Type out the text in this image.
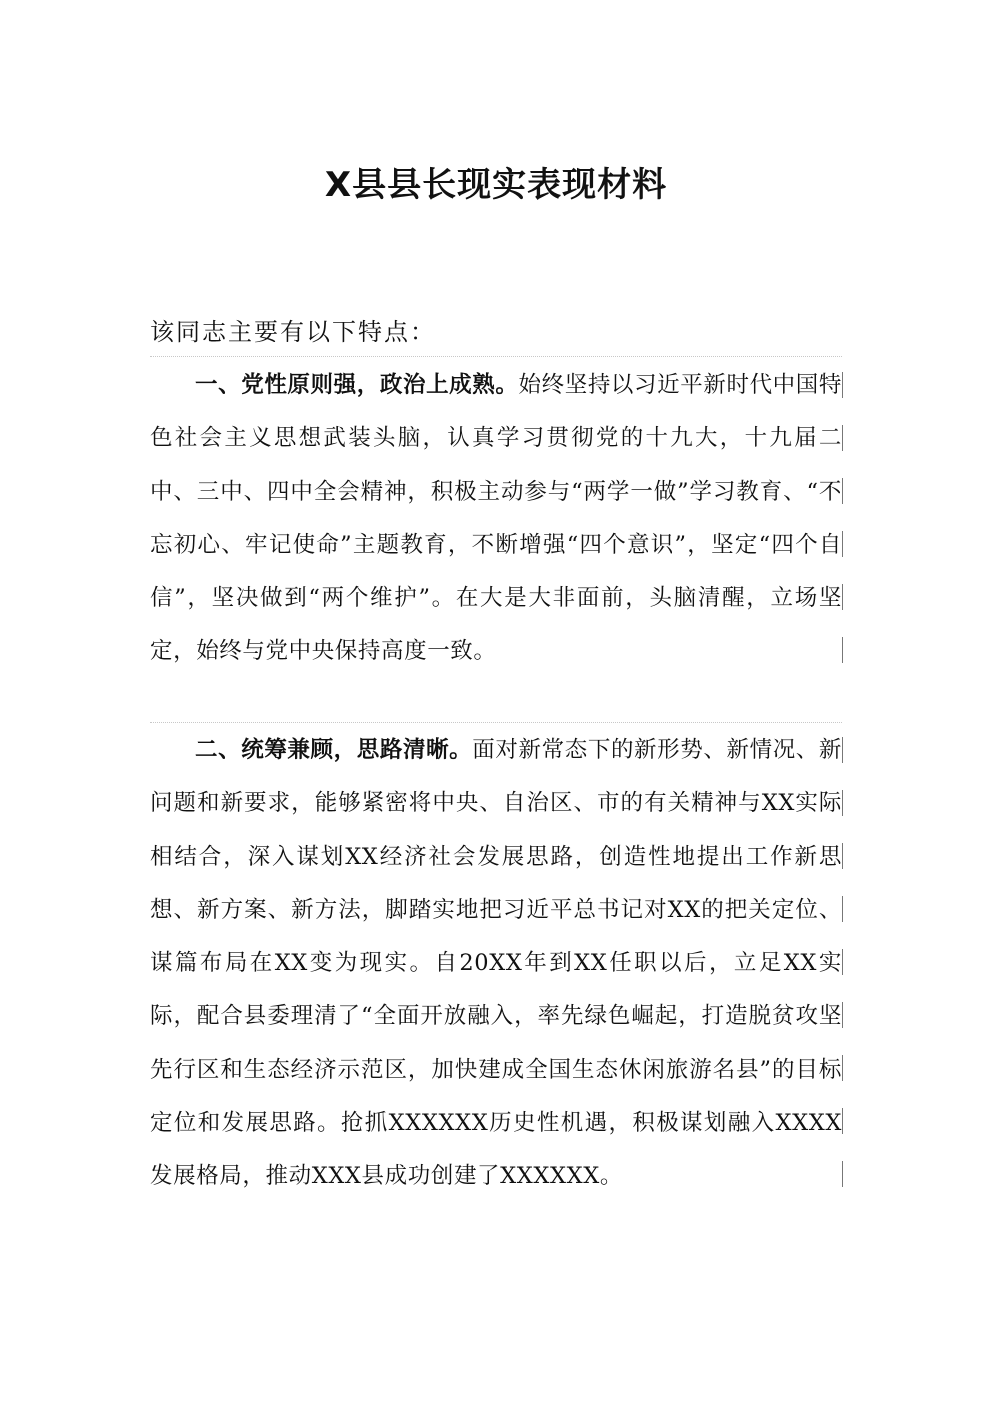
X县县长现实表现材料
该同志主要有以下特点：
一、党性原则强，政治上成熟。始终坚持以习近平新时代中国特色社会主义思想武装头脑，认真学习贯彻党的十九大，十九届二中、三中、四中全会精神，积极主动参与“两学一做”学习教育、“不忘初心、牢记使命”主题教育，不断增强“四个意识”，坚定“四个自信”，坚决做到“两个维护”。在大是大非面前，头脑清醒，立场坚定，始终与党中央保持高度一致。
二、统筹兼顾，思路清晰。面对新常态下的新形势、新情况、新问题和新要求，能够紧密将中央、自治区、市的有关精神与XX实际相结合，深入谋划XX经济社会发展思路，创造性地提出工作新思想、新方案、新方法，脚踏实地把习近平总书记对XX的把关定位、谋篇布局在XX变为现实。自20XX年到XX任职以后，立足XX实际，配合县委理清了“全面开放融入，率先绿色崛起，打造脱贫攻坚先行区和生态经济示范区，加快建成全国生态休闲旅游名县”的目标定位和发展思路。抢抓XXXXXX历史性机遇，积极谋划融入XXXX发展格局，推动XXX县成功创建了XXXXXX。
